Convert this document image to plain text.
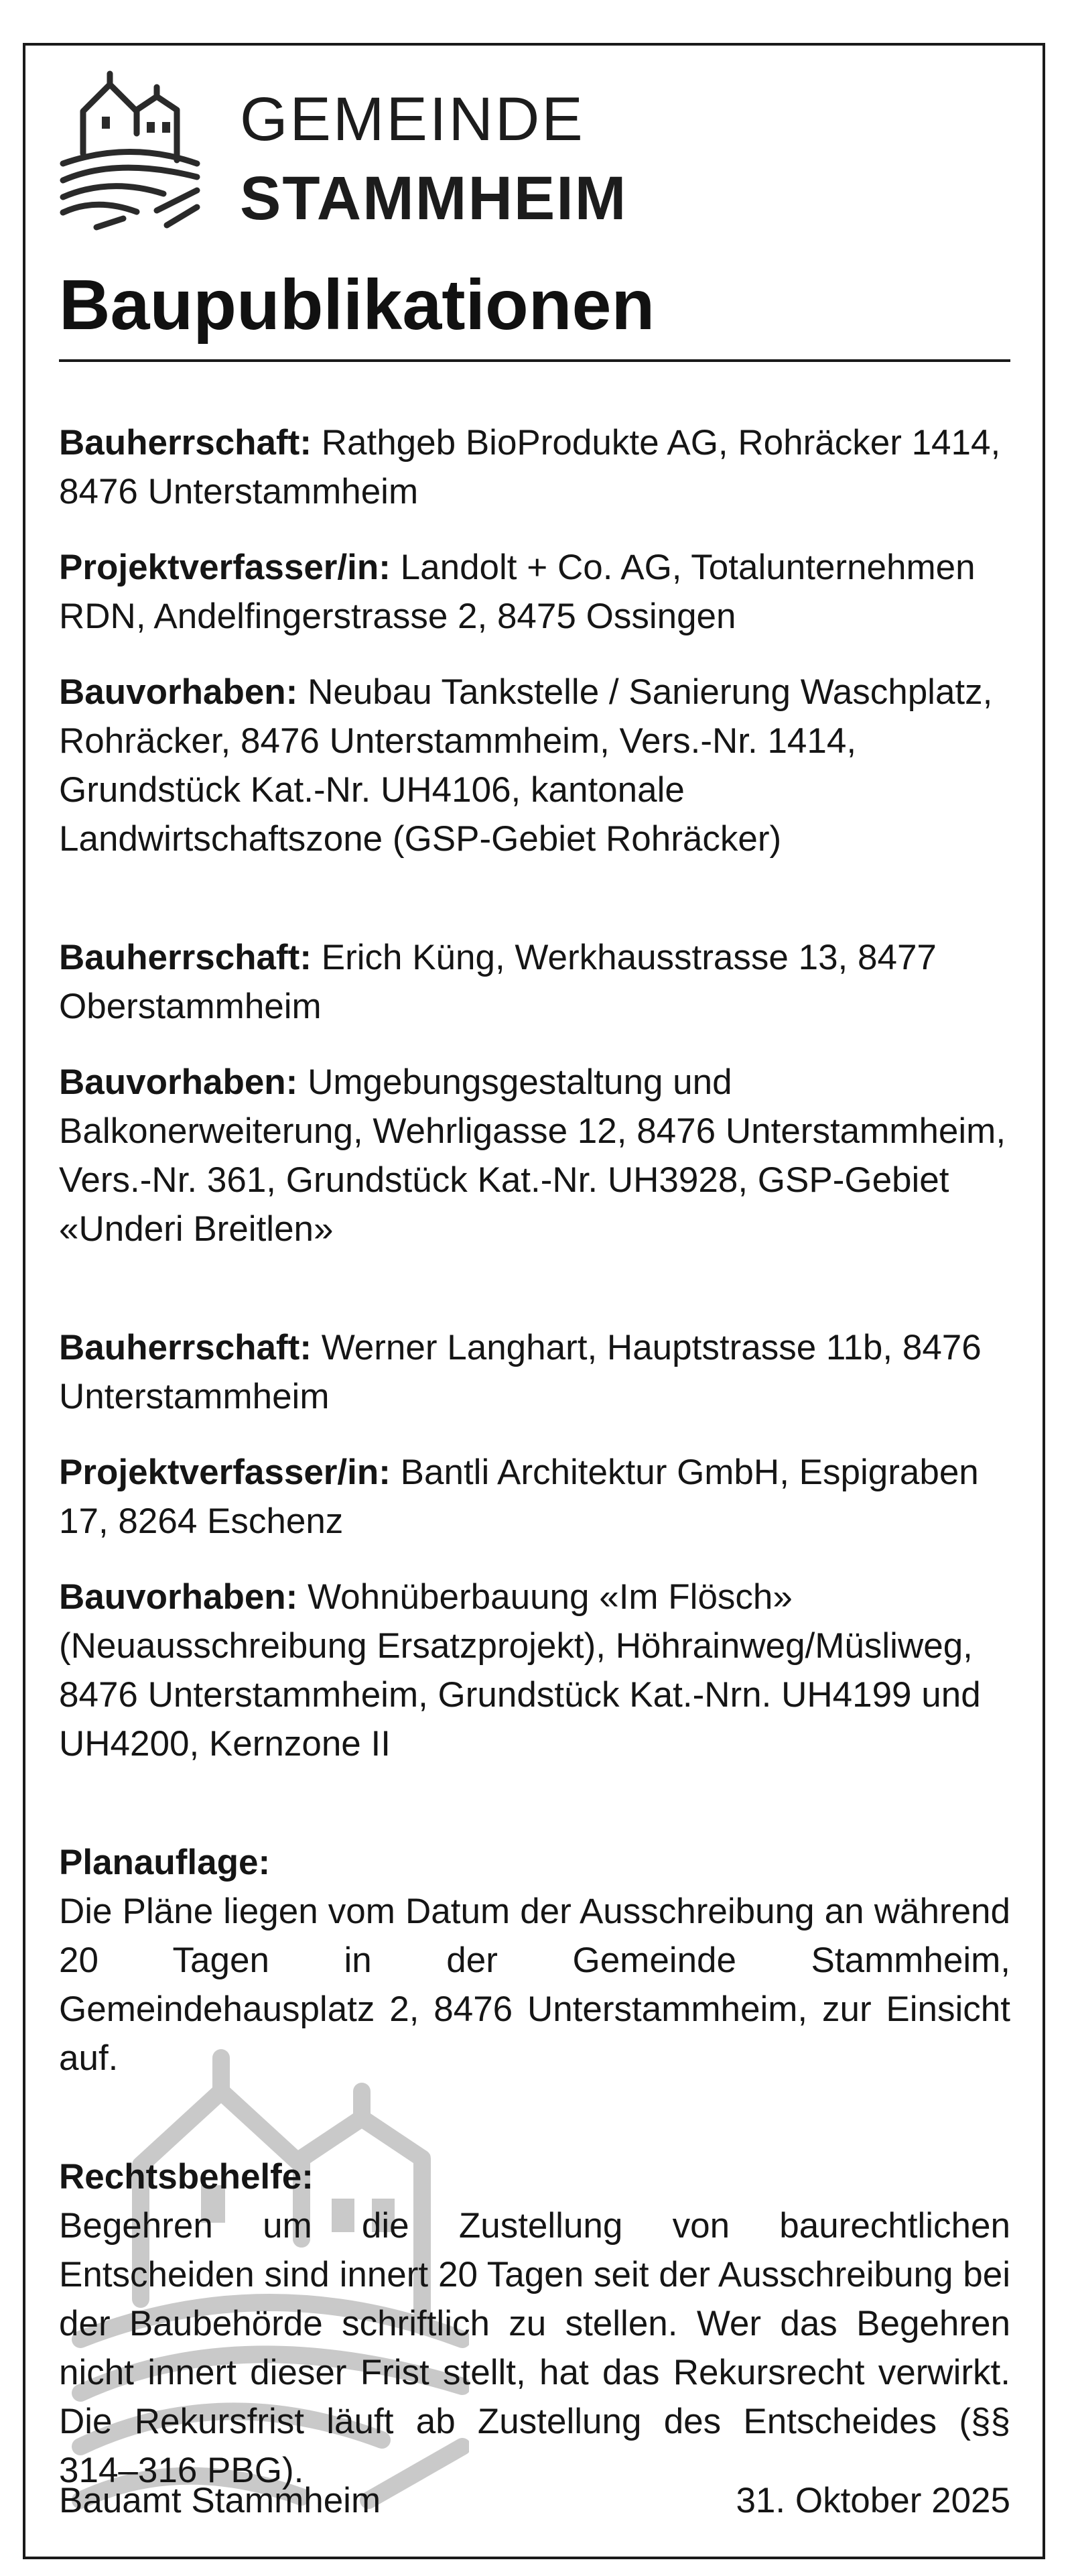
GEMEINDE
STAMMHEIM
Baupublikationen

Bauherrschaft: Rathgeb BioProdukte AG, Rohräcker 1414, 8476 Unterstammheim

Projektverfasser/in: Landolt + Co. AG, Totalunternehmen RDN, Andelfingerstrasse 2, 8475 Ossingen

Bauvorhaben: Neubau Tankstelle / Sanierung Waschplatz, Rohräcker, 8476 Unterstammheim, Vers.-Nr. 1414, Grundstück Kat.-Nr. UH4106, kantonale Landwirtschaftszone (GSP-Gebiet Rohräcker)

Bauherrschaft: Erich Küng, Werkhausstrasse 13, 8477 Oberstammheim

Bauvorhaben: Umgebungsgestaltung und Balkonerweiterung, Wehrligasse 12, 8476 Unterstammheim, Vers.-Nr. 361, Grundstück Kat.-Nr. UH3928, GSP-Gebiet «Underi Breitlen»

Bauherrschaft: Werner Langhart, Hauptstrasse 11b, 8476 Unterstammheim

Projektverfasser/in: Bantli Architektur GmbH, Espigraben 17, 8264 Eschenz

Bauvorhaben: Wohnüberbauung «Im Flösch» (Neuausschreibung Ersatzprojekt), Höhrainweg/Müsliweg, 8476 Unterstammheim, Grundstück Kat.-Nrn. UH4199 und UH4200, Kernzone II

Planauflage:
Die Pläne liegen vom Datum der Ausschreibung an während 20 Tagen in der Gemeinde Stammheim, Gemeindehausplatz 2, 8476 Unterstammheim, zur Einsicht auf.

Rechtsbehelfe:
Begehren um die Zustellung von baurechtlichen Entscheiden sind innert 20 Tagen seit der Ausschreibung bei der Baubehörde schriftlich zu stellen. Wer das Begehren nicht innert dieser Frist stellt, hat das Rekursrecht verwirkt. Die Rekursfrist läuft ab Zustellung des Entscheides (§§ 314–316 PBG).

Bauamt Stammheim	31. Oktober 2025
